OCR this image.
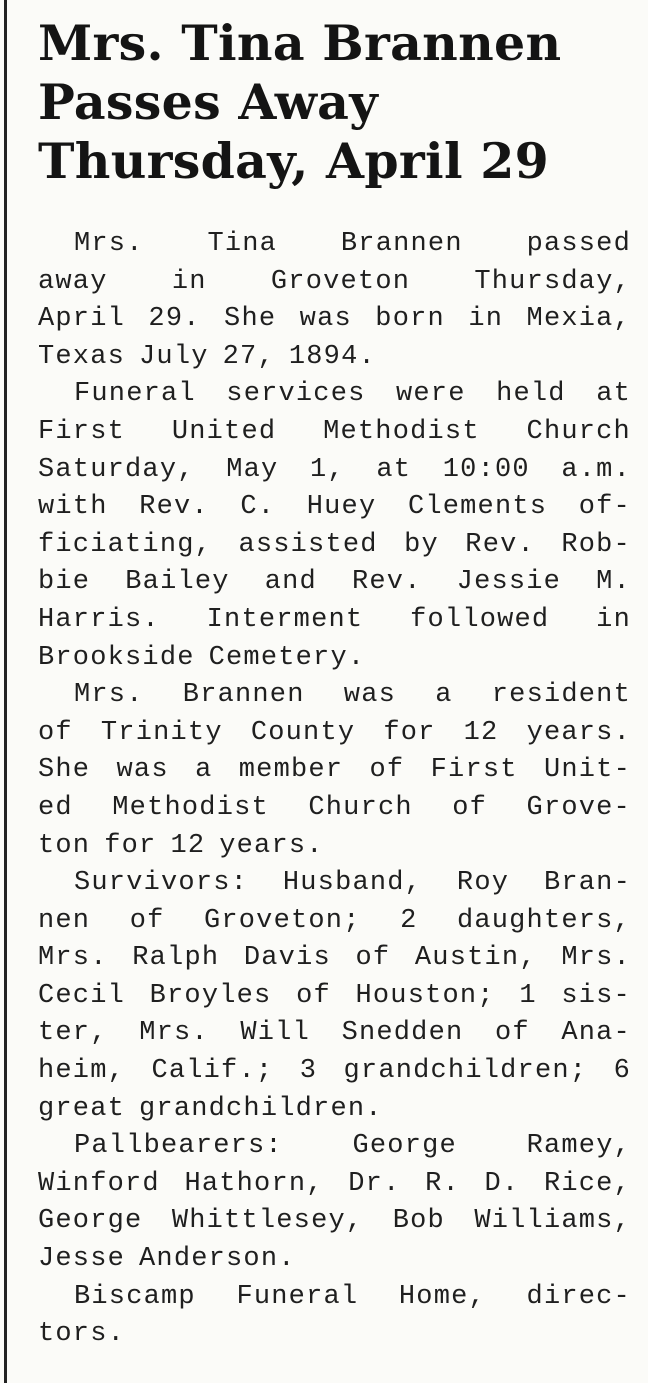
Mrs. Tina Brannen
Passes Away
Thursday, April 29
Mrs. Tina Brannen passed
away in Groveton Thursday,
April 29. She was born in Mexia,
Texas July 27, 1894.
Funeral services were held at
First United Methodist Church
Saturday, May 1, at 10:00 a.m.
with Rev. C. Huey Clements of-
ficiating, assisted by Rev. Rob-
bie Bailey and Rev. Jessie M.
Harris. Interment followed in
Brookside Cemetery.
Mrs. Brannen was a resident
of Trinity County for 12 years.
She was a member of First Unit-
ed Methodist Church of Grove-
ton for 12 years.
Survivors: Husband, Roy Bran-
nen of Groveton; 2 daughters,
Mrs. Ralph Davis of Austin, Mrs.
Cecil Broyles of Houston; 1 sis-
ter, Mrs. Will Snedden of Ana-
heim, Calif.; 3 grandchildren; 6
great grandchildren.
Pallbearers:	George	Ramey,
Winford Hathorn, Dr. R. D. Rice,
George Whittlesey, Bob Williams,
Jesse Anderson.
Biscamp Funeral Home, direc-
tors.
